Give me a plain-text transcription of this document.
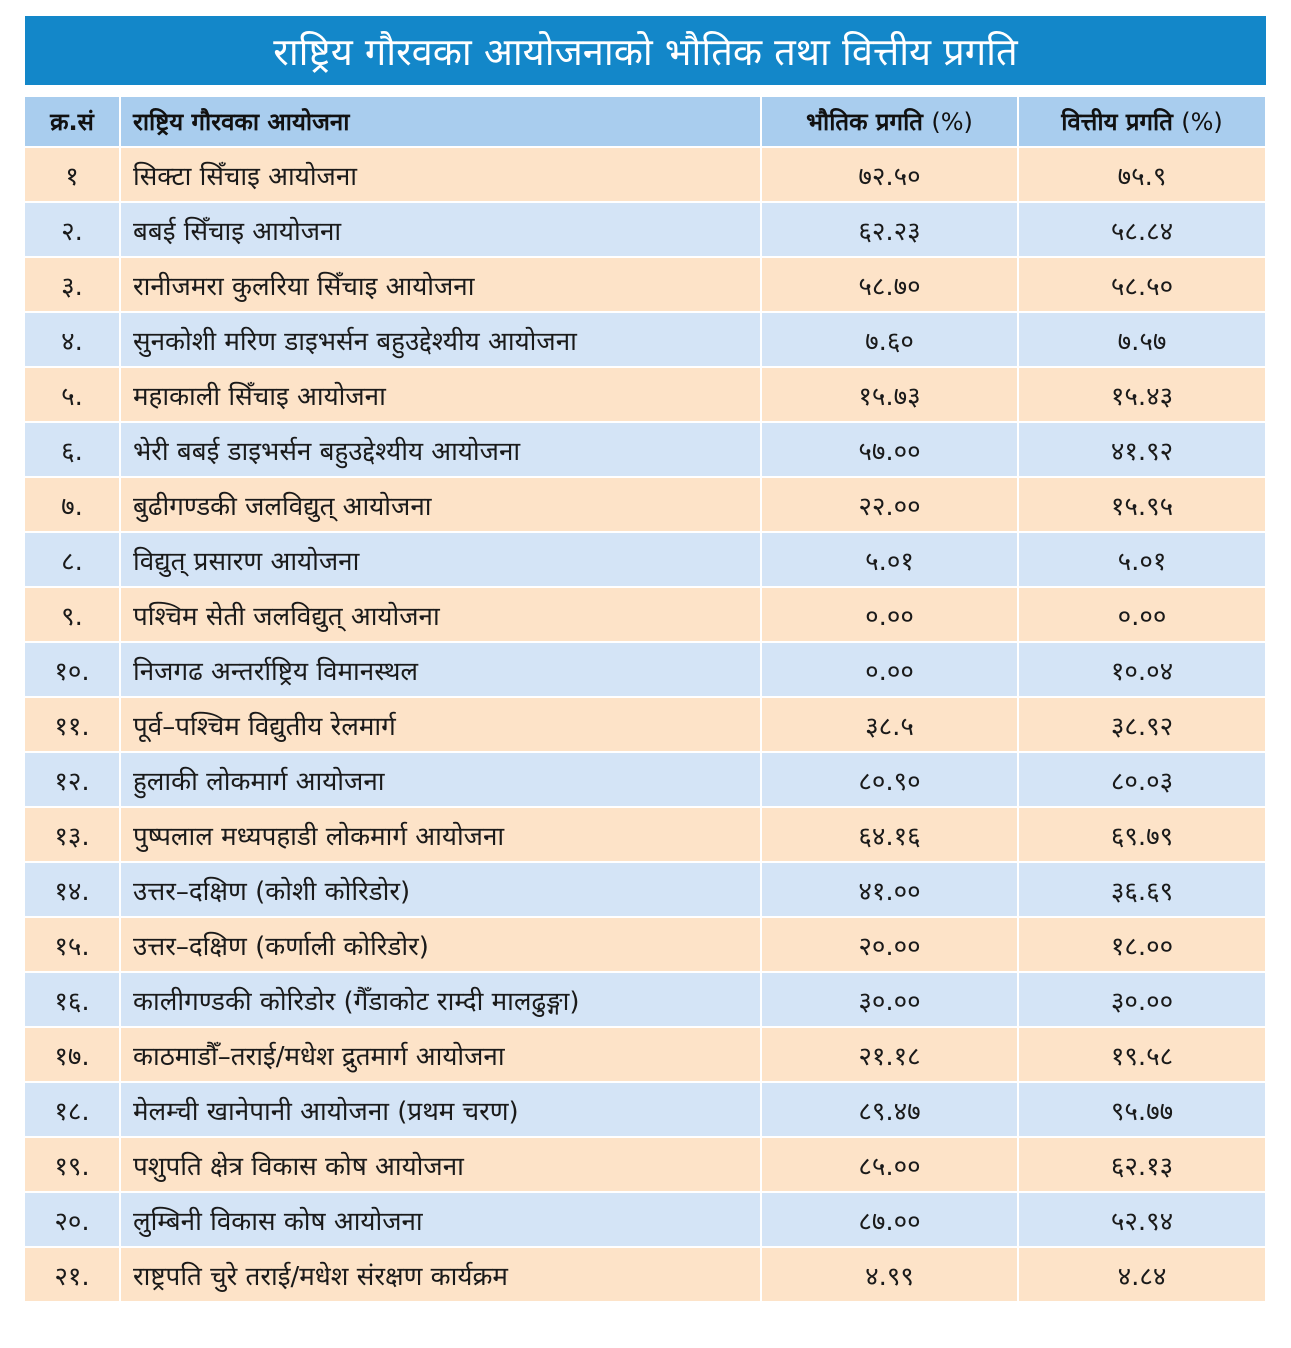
राष्ट्रिय गौरवका आयोजनाको भौतिक तथा वित्तीय प्रगति
क्र.सं	राष्ट्रिय गौरवका आयोजना	भौतिक प्रगति (%)	वित्तीय प्रगति (%)
१	सिक्टा सिँचाइ आयोजना	७२.५०	७५.९
२.	बबई सिँचाइ आयोजना	६२.२३	५८.८४
३.	रानीजमरा कुलरिया सिँचाइ आयोजना	५८.७०	५८.५०
४.	सुनकोशी मरिण डाइभर्सन बहुउद्देश्यीय आयोजना	७.६०	७.५७
५.	महाकाली सिँचाइ आयोजना	१५.७३	१५.४३
६.	भेरी बबई डाइभर्सन बहुउद्देश्यीय आयोजना	५७.००	४१.९२
७.	बुढीगण्डकी जलविद्युत् आयोजना	२२.००	१५.९५
८.	विद्युत् प्रसारण आयोजना	५.०१	५.०१
९.	पश्चिम सेती जलविद्युत् आयोजना	०.००	०.००
१०.	निजगढ अन्तर्राष्ट्रिय विमानस्थल	०.००	१०.०४
११.	पूर्व–पश्चिम विद्युतीय रेलमार्ग	३८.५	३८.९२
१२.	हुलाकी लोकमार्ग आयोजना	८०.९०	८०.०३
१३.	पुष्पलाल मध्यपहाडी लोकमार्ग आयोजना	६४.१६	६९.७९
१४.	उत्तर–दक्षिण (कोशी कोरिडोर)	४१.००	३६.६९
१५.	उत्तर–दक्षिण (कर्णाली कोरिडोर)	२०.००	१८.००
१६.	कालीगण्डकी कोरिडोर (गैँडाकोट राम्दी मालढुङ्गा)	३०.००	३०.००
१७.	काठमाडौँ–तराई/मधेश द्रुतमार्ग आयोजना	२१.१८	१९.५८
१८.	मेलम्ची खानेपानी आयोजना (प्रथम चरण)	८९.४७	९५.७७
१९.	पशुपति क्षेत्र विकास कोष आयोजना	८५.००	६२.१३
२०.	लुम्बिनी विकास कोष आयोजना	८७.००	५२.९४
२१.	राष्ट्रपति चुरे तराई/मधेश संरक्षण कार्यक्रम	४.९९	४.८४
